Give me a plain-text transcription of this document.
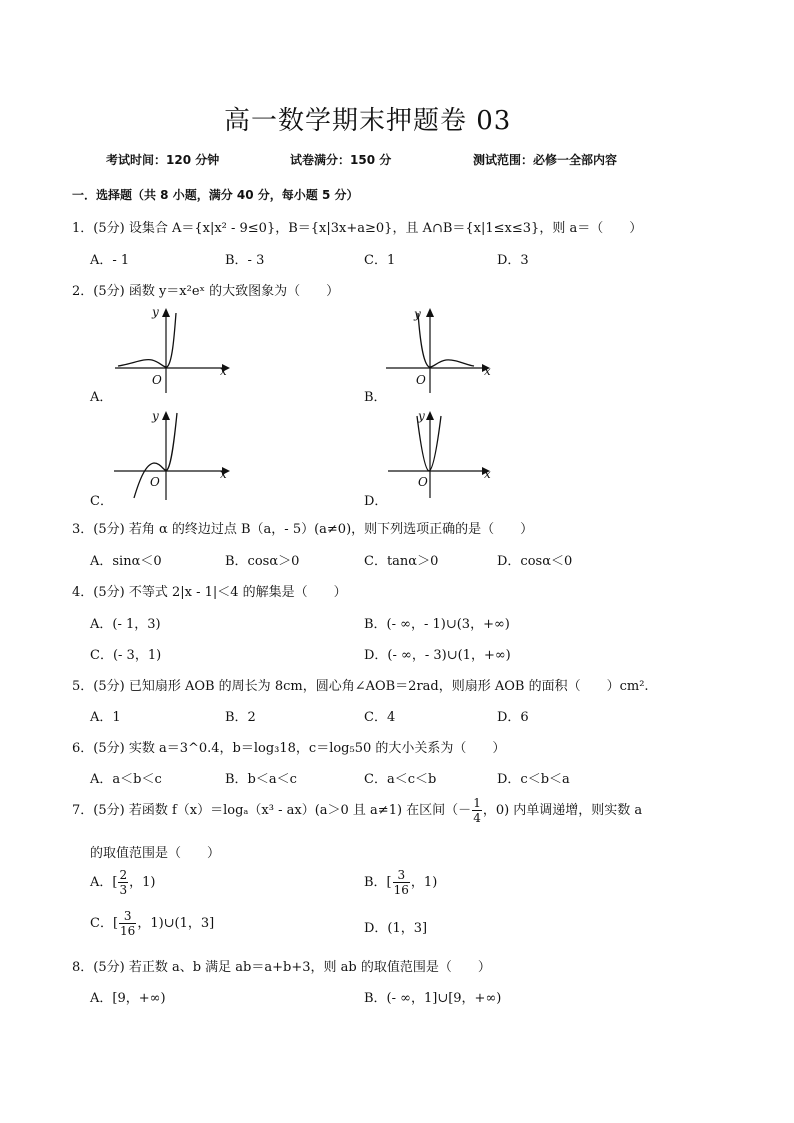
高一数学期末押题卷 03
考试时间：120 分钟	试卷满分：150 分	测试范围：必修一全部内容
一．选择题（共 8 小题，满分 40 分，每小题 5 分）
1．(5分) 设集合 A＝{x|x² - 9≤0}，B＝{x|3x+a≥0}，且 A∩B＝{x|1≤x≤3}，则 a＝（　　）
A．- 1	B．- 3	C．1	D．3
2．(5分) 函数 y＝x²eˣ 的大致图象为（　　）
A．
y
x
O
B．
y
x
O
C．
y
x
O
D．
y
x
O
3．(5分) 若角 α 的终边过点 B（a，- 5）(a≠0)，则下列选项正确的是（　　）
A．sinα＜0	B．cosα＞0	C．tanα＞0	D．cosα＜0
4．(5分) 不等式 2|x - 1|＜4 的解集是（　　）
A．(- 1，3)	B．(- ∞，- 1)∪(3，+∞)
C．(- 3，1)	D．(- ∞，- 3)∪(1，+∞)
5．(5分) 已知扇形 AOB 的周长为 8cm，圆心角∠AOB＝2rad，则扇形 AOB 的面积（　　）cm².
A．1	B．2	C．4	D．6
6．(5分) 实数 a＝3^0.4，b＝log₃18，c＝log₅50 的大小关系为（　　）
A．a＜b＜c	B．b＜a＜c	C．a＜c＜b	D．c＜b＜a
7．(5分) 若函数 f（x）＝logₐ（x³ - ax）(a＞0 且 a≠1) 在区间（－ $\frac{1}{4}$ ，0) 内单调递增，则实数 a
的取值范围是（　　）
A．[ $\frac{2}{3}$ ，1)	B．[ $\frac{3}{16}$ ，1)
C．[ $\frac{3}{16}$ ，1)∪(1，3]	D．(1，3]
8．(5分) 若正数 a、b 满足 ab＝a+b+3，则 ab 的取值范围是（　　）
A．[9，+∞)	B．(- ∞，1]∪[9，+∞)
